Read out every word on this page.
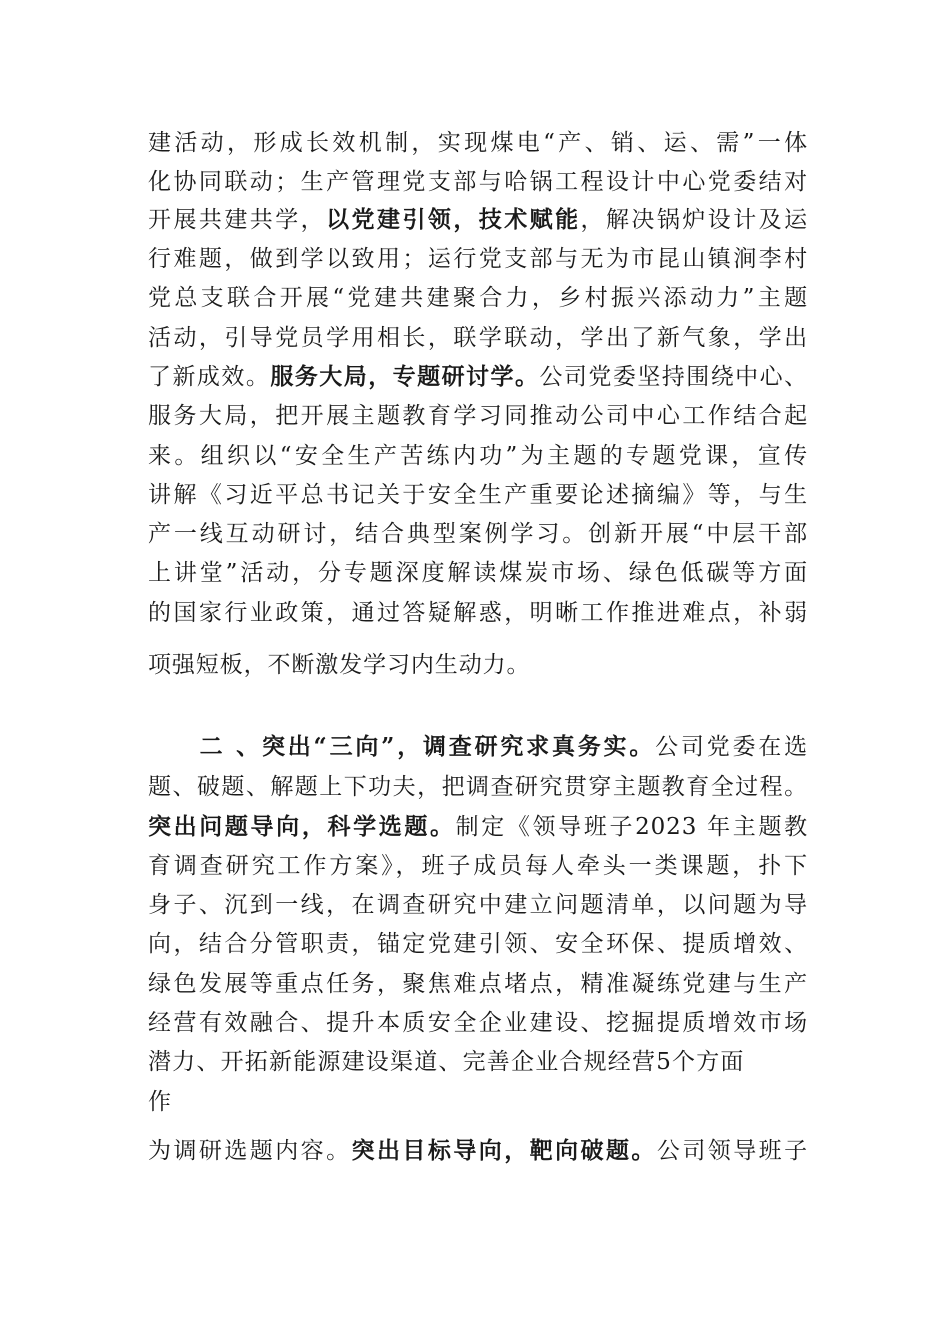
建活动，形成长效机制，实现煤电“产、销、运、需”一体
化协同联动；生产管理党支部与哈锅工程设计中心党委结对
开展共建共学，以党建引领，技术赋能，解决锅炉设计及运
行难题，做到学以致用；运行党支部与无为市昆山镇涧李村
党总支联合开展“党建共建聚合力，乡村振兴添动力”主题
活动，引导党员学用相长，联学联动，学出了新气象，学出
了新成效。服务大局，专题研讨学。公司党委坚持围绕中心、
服务大局，把开展主题教育学习同推动公司中心工作结合起
来。组织以“安全生产苦练内功”为主题的专题党课，宣传
讲解《习近平总书记关于安全生产重要论述摘编》等，与生
产一线互动研讨，结合典型案例学习。创新开展“中层干部
上讲堂”活动，分专题深度解读煤炭市场、绿色低碳等方面
的国家行业政策，通过答疑解惑，明晰工作推进难点，补弱
项强短板，不断激发学习内生动力。
　　二 、突出“三向”，调查研究求真务实。公司党委在选
题、破题、解题上下功夫，把调查研究贯穿主题教育全过程。
突出问题导向，科学选题。制定《领导班子2023 年主题教
育调查研究工作方案》，班子成员每人牵头一类课题，扑下
身子、沉到一线，在调查研究中建立问题清单，以问题为导
向，结合分管职责，锚定党建引领、安全环保、提质增效、
绿色发展等重点任务，聚焦难点堵点，精准凝练党建与生产
经营有效融合、提升本质安全企业建设、挖掘提质增效市场
潜力、开拓新能源建设渠道、完善企业合规经营5个方面
作
为调研选题内容。突出目标导向，靶向破题。公司领导班子
